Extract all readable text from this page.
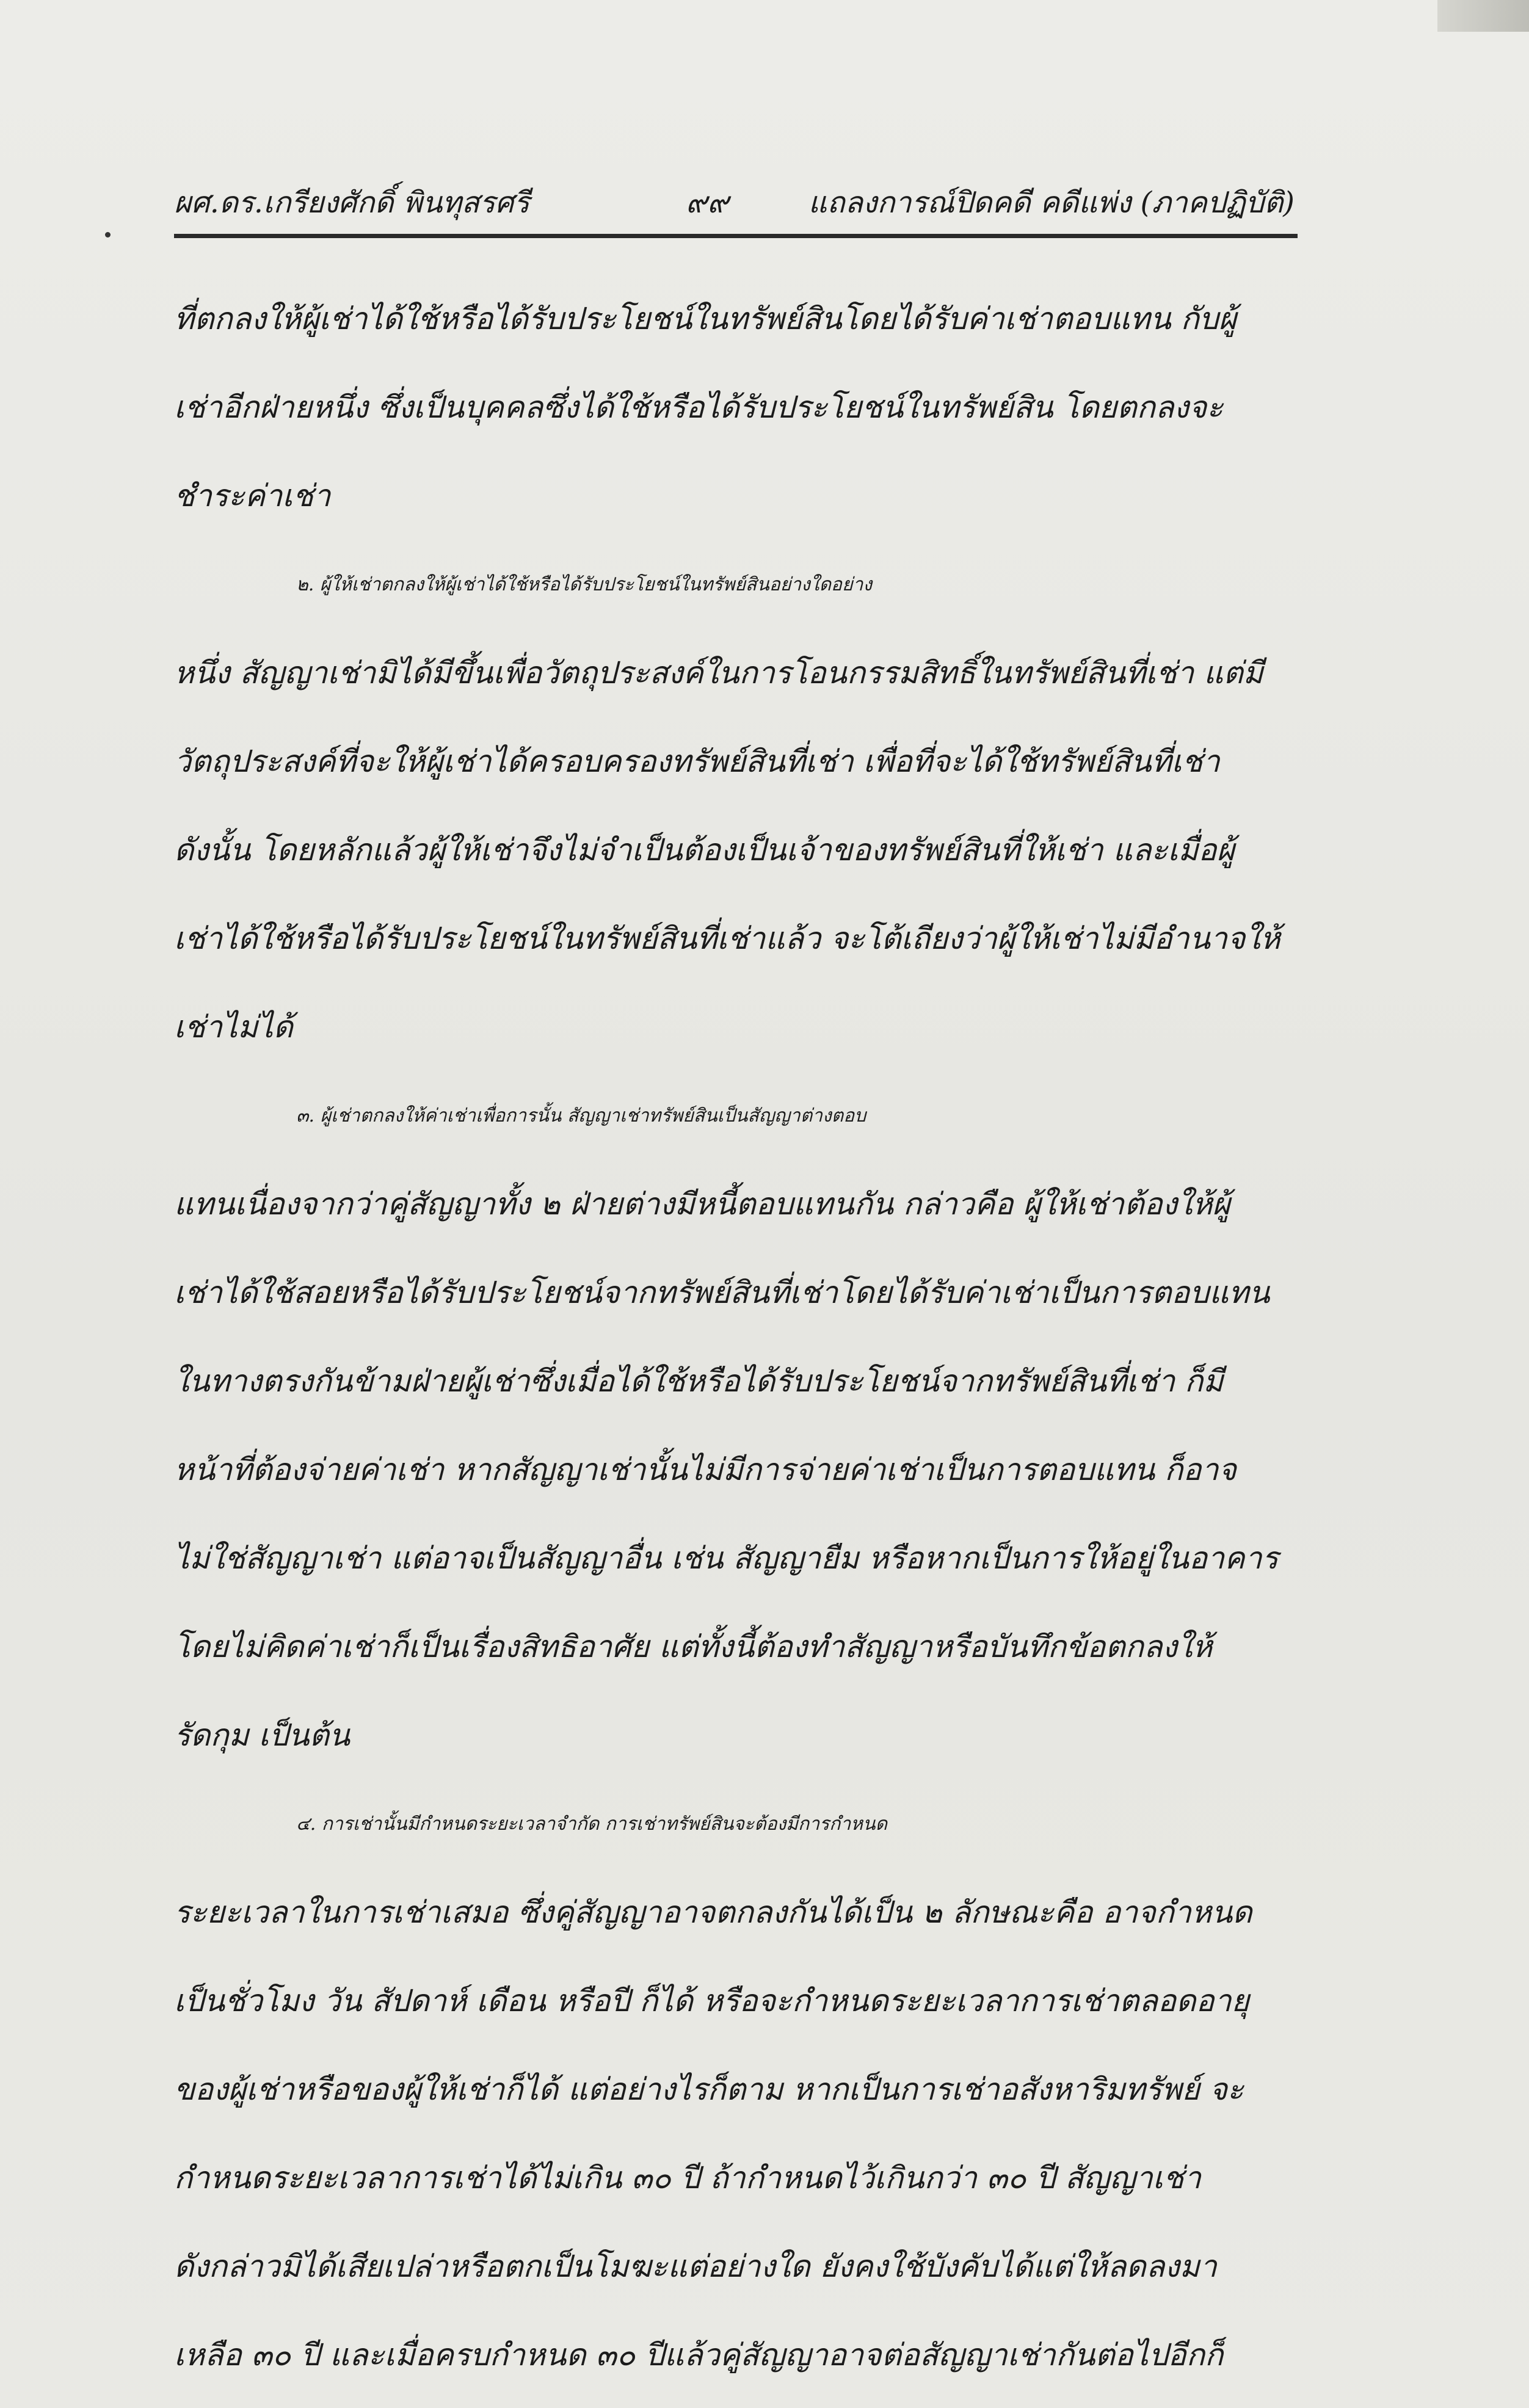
ผศ.ดร.เกรียงศักดิ์ พินทุสรศรี	๙๙	แถลงการณ์ปิดคดี คดีแพ่ง (ภาคปฏิบัติ)

ที่ตกลงให้ผู้เช่าได้ใช้หรือได้รับประโยชน์ในทรัพย์สินโดยได้รับค่าเช่าตอบแทน กับผู้

เช่าอีกฝ่ายหนึ่ง ซึ่งเป็นบุคคลซึ่งได้ใช้หรือได้รับประโยชน์ในทรัพย์สิน โดยตกลงจะ

ชำระค่าเช่า

๒. ผู้ให้เช่าตกลงให้ผู้เช่าได้ใช้หรือได้รับประโยชน์ในทรัพย์สินอย่างใดอย่าง

หนึ่ง สัญญาเช่ามิได้มีขึ้นเพื่อวัตถุประสงค์ในการโอนกรรมสิทธิ์ในทรัพย์สินที่เช่า แต่มี

วัตถุประสงค์ที่จะให้ผู้เช่าได้ครอบครองทรัพย์สินที่เช่า เพื่อที่จะได้ใช้ทรัพย์สินที่เช่า

ดังนั้น โดยหลักแล้วผู้ให้เช่าจึงไม่จำเป็นต้องเป็นเจ้าของทรัพย์สินที่ให้เช่า และเมื่อผู้

เช่าได้ใช้หรือได้รับประโยชน์ในทรัพย์สินที่เช่าแล้ว จะโต้เถียงว่าผู้ให้เช่าไม่มีอำนาจให้

เช่าไม่ได้

๓. ผู้เช่าตกลงให้ค่าเช่าเพื่อการนั้น สัญญาเช่าทรัพย์สินเป็นสัญญาต่างตอบ

แทนเนื่องจากว่าคู่สัญญาทั้ง ๒ ฝ่ายต่างมีหนี้ตอบแทนกัน กล่าวคือ ผู้ให้เช่าต้องให้ผู้

เช่าได้ใช้สอยหรือได้รับประโยชน์จากทรัพย์สินที่เช่าโดยได้รับค่าเช่าเป็นการตอบแทน

ในทางตรงกันข้ามฝ่ายผู้เช่าซึ่งเมื่อได้ใช้หรือได้รับประโยชน์จากทรัพย์สินที่เช่า ก็มี

หน้าที่ต้องจ่ายค่าเช่า หากสัญญาเช่านั้นไม่มีการจ่ายค่าเช่าเป็นการตอบแทน ก็อาจ

ไม่ใช่สัญญาเช่า แต่อาจเป็นสัญญาอื่น เช่น สัญญายืม หรือหากเป็นการให้อยู่ในอาคาร

โดยไม่คิดค่าเช่าก็เป็นเรื่องสิทธิอาศัย แต่ทั้งนี้ต้องทำสัญญาหรือบันทึกข้อตกลงให้

รัดกุม เป็นต้น

๔. การเช่านั้นมีกำหนดระยะเวลาจำกัด การเช่าทรัพย์สินจะต้องมีการกำหนด

ระยะเวลาในการเช่าเสมอ ซึ่งคู่สัญญาอาจตกลงกันได้เป็น ๒ ลักษณะคือ อาจกำหนด

เป็นชั่วโมง วัน สัปดาห์ เดือน หรือปี ก็ได้ หรือจะกำหนดระยะเวลาการเช่าตลอดอายุ

ของผู้เช่าหรือของผู้ให้เช่าก็ได้ แต่อย่างไรก็ตาม หากเป็นการเช่าอสังหาริมทรัพย์ จะ

กำหนดระยะเวลาการเช่าได้ไม่เกิน ๓๐ ปี ถ้ากำหนดไว้เกินกว่า ๓๐ ปี สัญญาเช่า

ดังกล่าวมิได้เสียเปล่าหรือตกเป็นโมฆะแต่อย่างใด ยังคงใช้บังคับได้แต่ให้ลดลงมา

เหลือ ๓๐ ปี และเมื่อครบกำหนด ๓๐ ปีแล้วคู่สัญญาอาจต่อสัญญาเช่ากันต่อไปอีกก็
